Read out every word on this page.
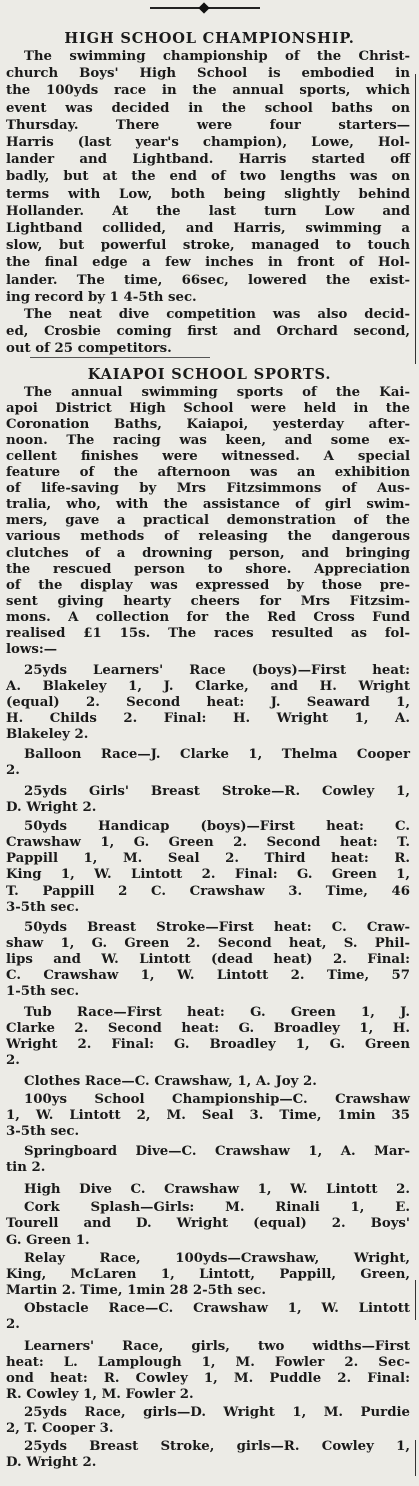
HIGH SCHOOL CHAMPIONSHIP.
The swimming championship of the Christ-
church Boys' High School is embodied in
the 100yds race in the annual sports, which
event was decided in the school baths on
Thursday. There were four starters—
Harris (last year's champion), Lowe, Hol-
lander and Lightband. Harris started off
badly, but at the end of two lengths was on
terms with Low, both being slightly behind
Hollander. At the last turn Low and
Lightband collided, and Harris, swimming a
slow, but powerful stroke, managed to touch
the final edge a few inches in front of Hol-
lander. The time, 66sec, lowered the exist-
ing record by 1 4-5th sec.
The neat dive competition was also decid-
ed, Crosbie coming first and Orchard second,
out of 25 competitors.
KAIAPOI SCHOOL SPORTS.
The annual swimming sports of the Kai-
apoi District High School were held in the
Coronation Baths, Kaiapoi, yesterday after-
noon. The racing was keen, and some ex-
cellent finishes were witnessed. A special
feature of the afternoon was an exhibition
of life-saving by Mrs Fitzsimmons of Aus-
tralia, who, with the assistance of girl swim-
mers, gave a practical demonstration of the
various methods of releasing the dangerous
clutches of a drowning person, and bringing
the rescued person to shore. Appreciation
of the display was expressed by those pre-
sent giving hearty cheers for Mrs Fitzsim-
mons. A collection for the Red Cross Fund
realised £1 15s. The races resulted as fol-
lows:—
25yds Learners' Race (boys)—First heat:
A. Blakeley 1, J. Clarke, and H. Wright
(equal) 2. Second heat: J. Seaward 1,
H. Childs 2. Final: H. Wright 1, A.
Blakeley 2.
Balloon Race—J. Clarke 1, Thelma Cooper
2.
25yds Girls' Breast Stroke—R. Cowley 1,
D. Wright 2.
50yds Handicap (boys)—First heat: C.
Crawshaw 1, G. Green 2. Second heat: T.
Pappill 1, M. Seal 2. Third heat: R.
King 1, W. Lintott 2. Final: G. Green 1,
T. Pappill 2 C. Crawshaw 3. Time, 46
3-5th sec.
50yds Breast Stroke—First heat: C. Craw-
shaw 1, G. Green 2. Second heat, S. Phil-
lips and W. Lintott (dead heat) 2. Final:
C. Crawshaw 1, W. Lintott 2. Time, 57
1-5th sec.
Tub Race—First heat: G. Green 1, J.
Clarke 2. Second heat: G. Broadley 1, H.
Wright 2. Final: G. Broadley 1, G. Green
2.
Clothes Race—C. Crawshaw, 1, A. Joy 2.
100ys School Championship—C. Crawshaw
1, W. Lintott 2, M. Seal 3. Time, 1min 35
3-5th sec.
Springboard Dive—C. Crawshaw 1, A. Mar-
tin 2.
High Dive C. Crawshaw 1, W. Lintott 2.
Cork Splash—Girls: M. Rinali 1, E.
Tourell and D. Wright (equal) 2. Boys'
G. Green 1.
Relay Race, 100yds—Crawshaw, Wright,
King, McLaren 1, Lintott, Pappill, Green,
Martin 2. Time, 1min 28 2-5th sec.
Obstacle Race—C. Crawshaw 1, W. Lintott
2.
Learners' Race, girls, two widths—First
heat: L. Lamplough 1, M. Fowler 2. Sec-
ond heat: R. Cowley 1, M. Puddle 2. Final:
R. Cowley 1, M. Fowler 2.
25yds Race, girls—D. Wright 1, M. Purdie
2, T. Cooper 3.
25yds Breast Stroke, girls—R. Cowley 1,
D. Wright 2.
